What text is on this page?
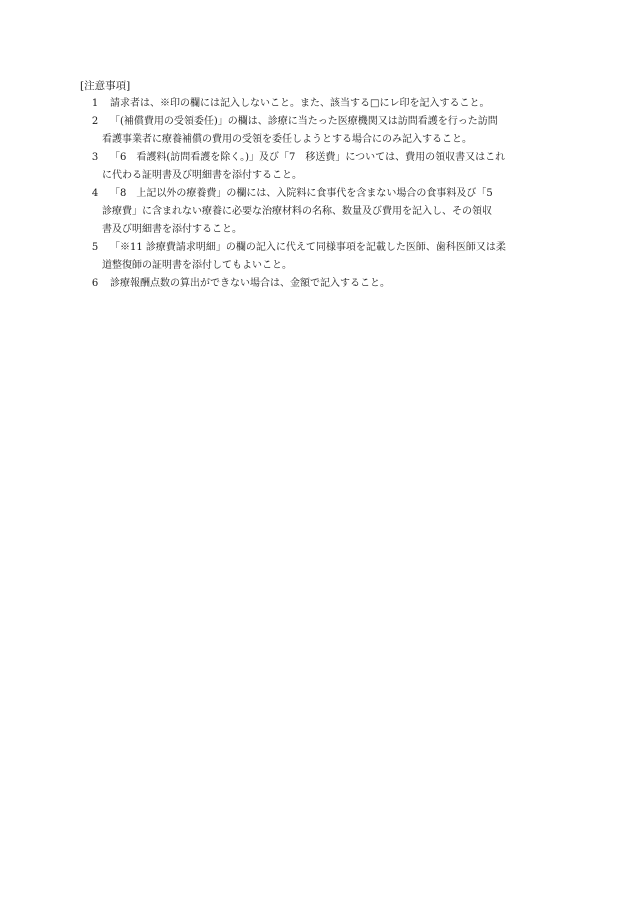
[注意事項]
1	請求者は、※印の欄には記入しないこと。また、該当する□にレ印を記入すること。
2	「(補償費用の受領委任)」の欄は、診療に当たった医療機関又は訪問看護を行った訪問
看護事業者に療養補償の費用の受領を委任しようとする場合にのみ記入すること。
3	「6　看護料(訪問看護を除く。)」及び「7　移送費」については、費用の領収書又はこれ
に代わる証明書及び明細書を添付すること。
4	「8　上記以外の療養費」の欄には、入院料に食事代を含まない場合の食事料及び「5
診療費」に含まれない療養に必要な治療材料の名称、数量及び費用を記入し、その領収
書及び明細書を添付すること。
5	「※11 診療費請求明細」の欄の記入に代えて同様事項を記載した医師、歯科医師又は柔
道整復師の証明書を添付してもよいこと。
6	診療報酬点数の算出ができない場合は、金額で記入すること。
